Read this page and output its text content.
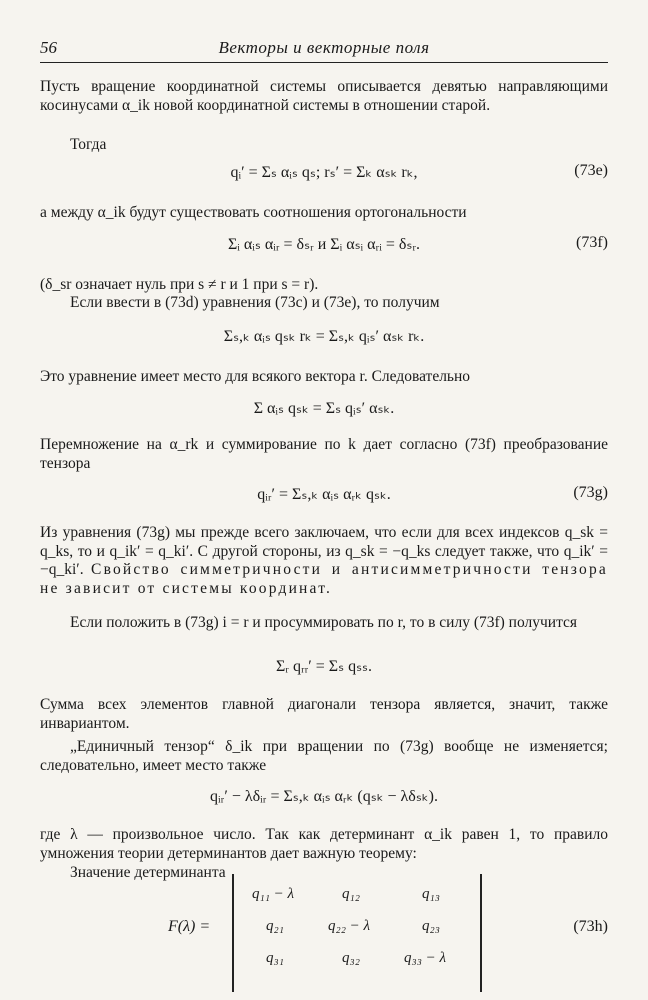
56	Векторы и векторные поля
Пусть вращение координатной системы описывается девятью направляющими косинусами α_ik новой координатной системы в отношении старой.
Тогда
qᵢ′ = Σₛ αᵢₛ qₛ; rₛ′ = Σₖ αₛₖ rₖ,	(73e)
а между α_ik будут существовать соотношения ортогональности
Σᵢ αᵢₛ αᵢᵣ = δₛᵣ и Σᵢ αₛᵢ αᵣᵢ = δₛᵣ.	(73f)
(δ_sr означает нуль при s ≠ r и 1 при s = r).
Если ввести в (73d) уравнения (73c) и (73e), то получим
Σₛ,ₖ αᵢₛ qₛₖ rₖ = Σₛ,ₖ qᵢₛ′ αₛₖ rₖ.
Это уравнение имеет место для всякого вектора r. Следовательно
Σ αᵢₛ qₛₖ = Σₛ qᵢₛ′ αₛₖ.
Перемножение на α_rk и суммирование по k дает согласно (73f) преобразование тензора
qᵢᵣ′ = Σₛ,ₖ αᵢₛ αᵣₖ qₛₖ.	(73g)
Из уравнения (73g) мы прежде всего заключаем, что если для всех индексов q_sk = q_ks, то и q_ik′ = q_ki′. С другой стороны, из q_sk = −q_ks следует также, что q_ik′ = −q_ki′. Свойство симметричности и антисимметричности тензора не зависит от системы координат.
Если положить в (73g) i = r и просуммировать по r, то в силу (73f) получится
Σᵣ qᵣᵣ′ = Σₛ qₛₛ.
Сумма всех элементов главной диагонали тензора является, значит, также инвариантом.
„Единичный тензор“ δ_ik при вращении по (73g) вообще не изменяется; следовательно, имеет место также
qᵢᵣ′ − λδᵢᵣ = Σₛ,ₖ αᵢₛ αᵣₖ (qₛₖ − λδₛₖ).
где λ — произвольное число. Так как детерминант α_ik равен 1, то правило умножения теории детерминантов дает важную теорему:
Значение детерминанта
F(λ) =
q₁₁ − λ	q₁₂	q₁₃
q₂₁	q₂₂ − λ	q₂₃
q₃₁	q₃₂	q₃₃ − λ
(73h)
